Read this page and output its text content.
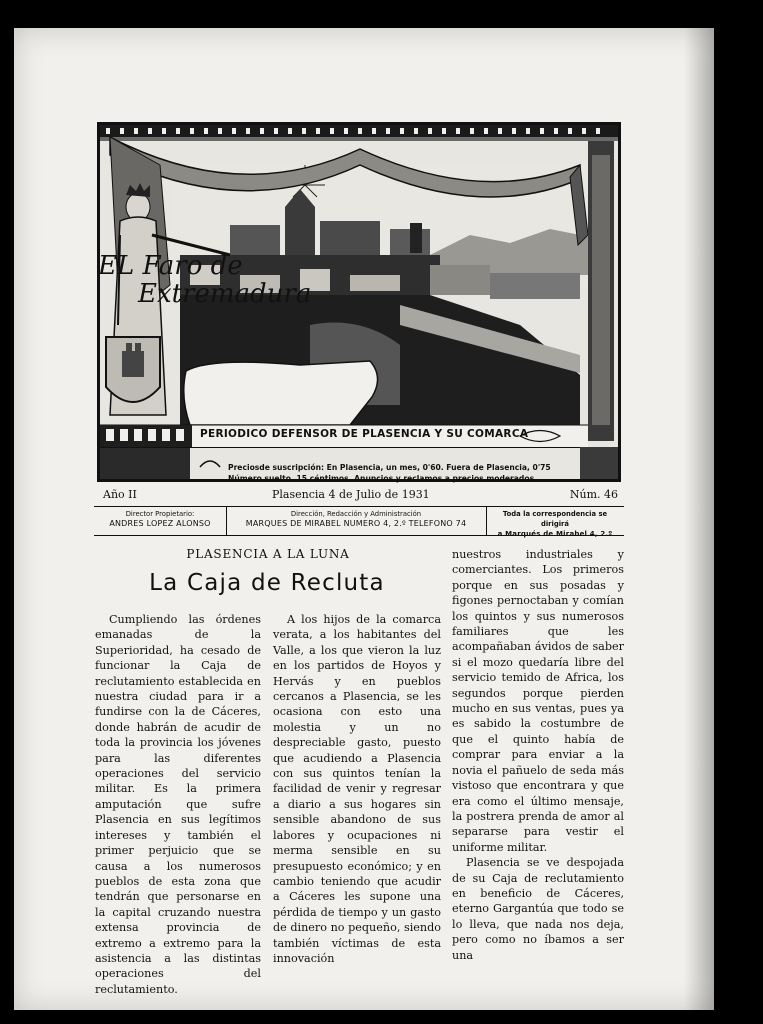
EL Faro de
Extremadura
PERIODICO DEFENSOR DE PLASENCIA Y SU COMARCA
Preciosde suscripción: En Plasencia, un mes, 0'60. Fuera de Plasencia, 0'75
Número suelto, 15 céntimos. Anuncios y reclamos a precios moderados.
Año II	Plasencia 4 de Julio de 1931	Núm. 46
Director Propietario:
ANDRES LOPEZ ALONSO
Dirección, Redacción y Administración
MARQUES DE MIRABEL NUMERO 4, 2.º TELEFONO 74
Toda la correspondencia se dirigirá
a Marqués de Mirabel 4, 2.º
PLASENCIA A LA LUNA
La Caja de Recluta

Cumpliendo las órdenes emanadas de la Superioridad, ha cesado de funcionar la Caja de reclutamiento establecida en nuestra ciudad para ir a fundirse con la de Cáceres, donde habrán de acudir de toda la provincia los jóvenes para las diferentes operaciones del servicio militar. Es la primera amputación que sufre Plasencia en sus legítimos intereses y también el primer perjuicio que se causa a los numerosos pueblos de esta zona que tendrán que personarse en la capital cruzando nuestra extensa provincia de extremo a extremo para la asistencia a las distintas operaciones del reclutamiento.

A los hijos de la comarca verata, a los habitantes del Valle, a los que vieron la luz en los partidos de Hoyos y Hervás y en pueblos cercanos a Plasencia, se les ocasiona con esto una molestia y un no despreciable gasto, puesto que acudiendo a Plasencia con sus quintos tenían la facilidad de venir y regresar a diario a sus hogares sin sensible abandono de sus labores y ocupaciones ni merma sensible en su presupuesto económico; y en cambio teniendo que acudir a Cáceres les supone una pérdida de tiempo y un gasto de dinero no pequeño, siendo también víctimas de esta innovación

nuestros industriales y comerciantes. Los primeros porque en sus posadas y figones pernoctaban y comían los quintos y sus numerosos familiares que les acompañaban ávidos de saber si el mozo quedaría libre del servicio temido de Africa, los segundos porque pierden mucho en sus ventas, pues ya es sabido la costumbre de que el quinto había de comprar para enviar a la novia el pañuelo de seda más vistoso que encontrara y que era como el último mensaje, la postrera prenda de amor al separarse para vestir el uniforme militar.

Plasencia se ve despojada de su Caja de reclutamiento en beneficio de Cáceres, eterno Gargantúa que todo se lo lleva, que nada nos deja, pero como no íbamos a ser una
